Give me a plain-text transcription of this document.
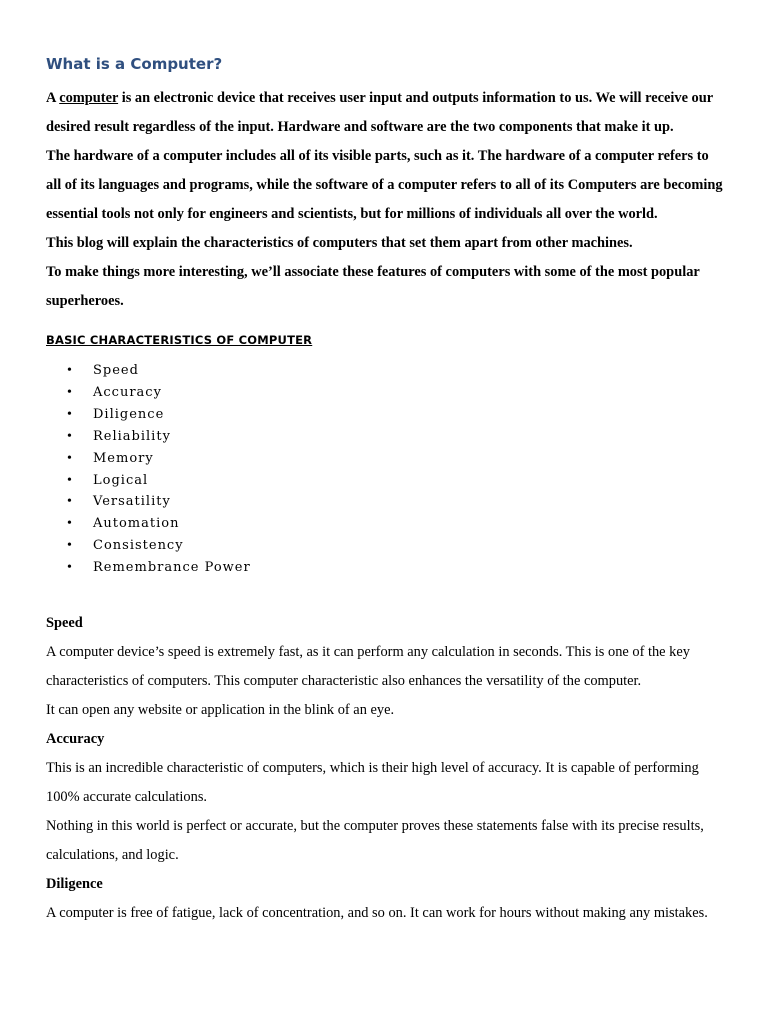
What is a Computer?

A computer is an electronic device that receives user input and outputs information to us. We will receive our desired result regardless of the input. Hardware and software are the two components that make it up.

The hardware of a computer includes all of its visible parts, such as it. The hardware of a computer refers to all of its languages and programs, while the software of a computer refers to all of its Computers are becoming essential tools not only for engineers and scientists, but for millions of individuals all over the world.

This blog will explain the characteristics of computers that set them apart from other machines.

To make things more interesting, we’ll associate these features of computers with some of the most popular superheroes.

BASIC CHARACTERISTICS OF COMPUTER
• Speed
• Accuracy
• Diligence
• Reliability
• Memory
• Logical
• Versatility
• Automation
• Consistency
• Remembrance Power

Speed

A computer device’s speed is extremely fast, as it can perform any calculation in seconds. This is one of the key characteristics of computers. This computer characteristic also enhances the versatility of the computer.

It can open any website or application in the blink of an eye.

Accuracy

This is an incredible characteristic of computers, which is their high level of accuracy. It is capable of performing 100% accurate calculations.

Nothing in this world is perfect or accurate, but the computer proves these statements false with its precise results, calculations, and logic.

Diligence

A computer is free of fatigue, lack of concentration, and so on. It can work for hours without making any mistakes.
